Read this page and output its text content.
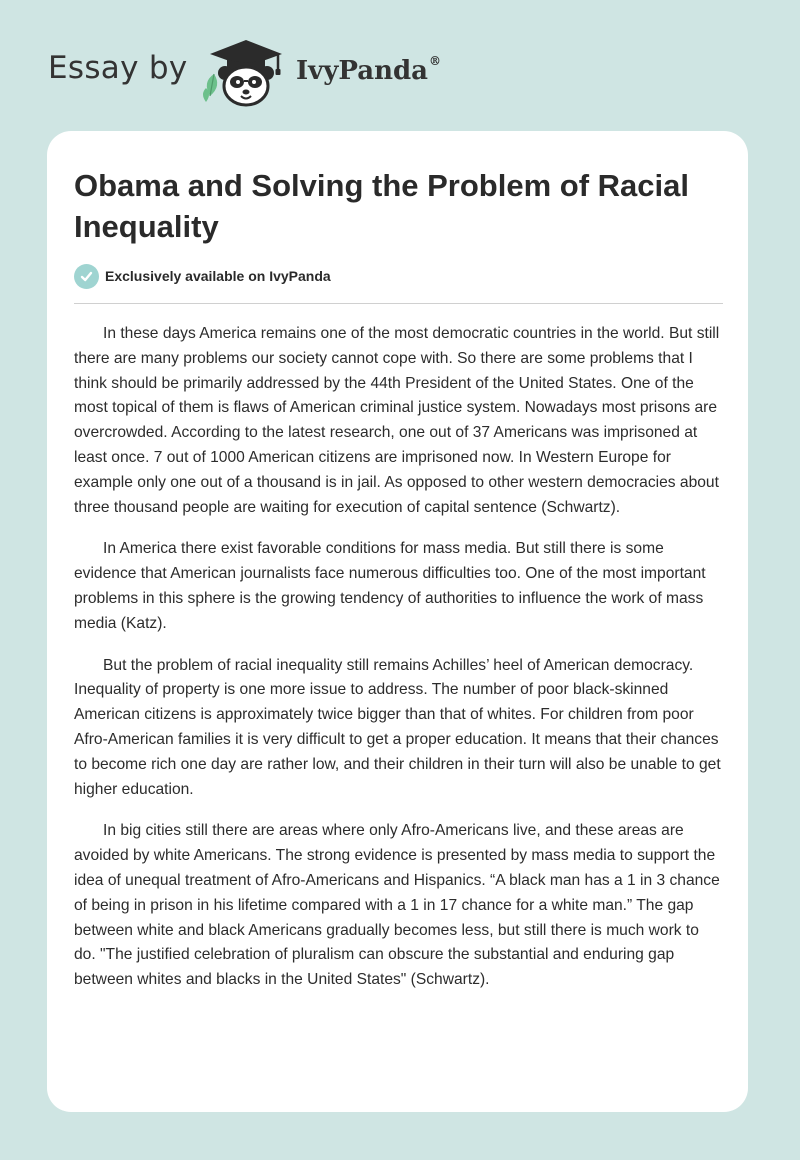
Essay by	IvyPanda®
Obama and Solving the Problem of Racial Inequality
Exclusively available on IvyPanda

In these days America remains one of the most democratic countries in the world. But still there are many problems our society cannot cope with. So there are some problems that I think should be primarily addressed by the 44th President of the United States. One of the most topical of them is flaws of American criminal justice system. Nowadays most prisons are overcrowded. According to the latest research, one out of 37 Americans was imprisoned at least once. 7 out of 1000 American citizens are imprisoned now. In Western Europe for example only one out of a thousand is in jail. As opposed to other western democracies about three thousand people are waiting for execution of capital sentence (Schwartz).

In America there exist favorable conditions for mass media. But still there is some evidence that American journalists face numerous difficulties too. One of the most important problems in this sphere is the growing tendency of authorities to influence the work of mass media (Katz).

But the problem of racial inequality still remains Achilles’ heel of American democracy. Inequality of property is one more issue to address. The number of poor black-skinned American citizens is approximately twice bigger than that of whites. For children from poor Afro-American families it is very difficult to get a proper education. It means that their chances to become rich one day are rather low, and their children in their turn will also be unable to get higher education.

In big cities still there are areas where only Afro-Americans live, and these areas are avoided by white Americans. The strong evidence is presented by mass media to support the idea of unequal treatment of Afro-Americans and Hispanics. “A black man has a 1 in 3 chance of being in prison in his lifetime compared with a 1 in 17 chance for a white man.” The gap between white and black Americans gradually becomes less, but still there is much work to do. "The justified celebration of pluralism can obscure the substantial and enduring gap between whites and blacks in the United States" (Schwartz).
